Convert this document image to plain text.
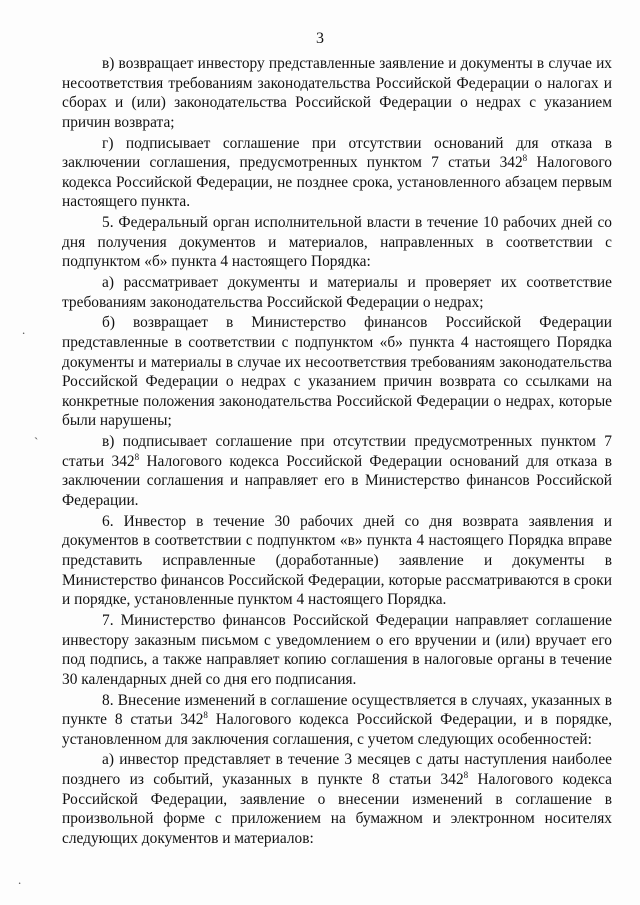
3

в) возвращает инвестору представленные заявление и документы в случае их несоответствия требованиям законодательства Российской Федерации о налогах и сборах и (или) законодательства Российской Федерации о недрах с указанием причин возврата;

г) подписывает соглашение при отсутствии оснований для отказа в заключении соглашения, предусмотренных пунктом 7 статьи $342^8$ Налогового кодекса Российской Федерации, не позднее срока, установленного абзацем первым настоящего пункта.

5. Федеральный орган исполнительной власти в течение 10 рабочих дней со дня получения документов и материалов, направленных в соответствии с подпунктом «б» пункта 4 настоящего Порядка:

а) рассматривает документы и материалы и проверяет их соответствие требованиям законодательства Российской Федерации о недрах;

б) возвращает в Министерство финансов Российской Федерации представленные в соответствии с подпунктом «б» пункта 4 настоящего Порядка документы и материалы в случае их несоответствия требованиям законодательства Российской Федерации о недрах с указанием причин возврата со ссылками на конкретные положения законодательства Российской Федерации о недрах, которые были нарушены;

в) подписывает соглашение при отсутствии предусмотренных пунктом 7 статьи $342^8$ Налогового кодекса Российской Федерации оснований для отказа в заключении соглашения и направляет его в Министерство финансов Российской Федерации.

6. Инвестор в течение 30 рабочих дней со дня возврата заявления и документов в соответствии с подпунктом «в» пункта 4 настоящего Порядка вправе представить исправленные (доработанные) заявление и документы в Министерство финансов Российской Федерации, которые рассматриваются в сроки и порядке, установленные пунктом 4 настоящего Порядка.

7. Министерство финансов Российской Федерации направляет соглашение инвестору заказным письмом с уведомлением о его вручении и (или) вручает его под подпись, а также направляет копию соглашения в налоговые органы в течение 30 календарных дней со дня его подписания.

8. Внесение изменений в соглашение осуществляется в случаях, указанных в пункте 8 статьи $342^8$ Налогового кодекса Российской Федерации, и в порядке, установленном для заключения соглашения, с учетом следующих особенностей:

а) инвестор представляет в течение 3 месяцев с даты наступления наиболее позднего из событий, указанных в пункте 8 статьи $342^8$ Налогового кодекса Российской Федерации, заявление о внесении изменений в соглашение в произвольной форме с приложением на бумажном и электронном носителях следующих документов и материалов:

.
ˎ
.
